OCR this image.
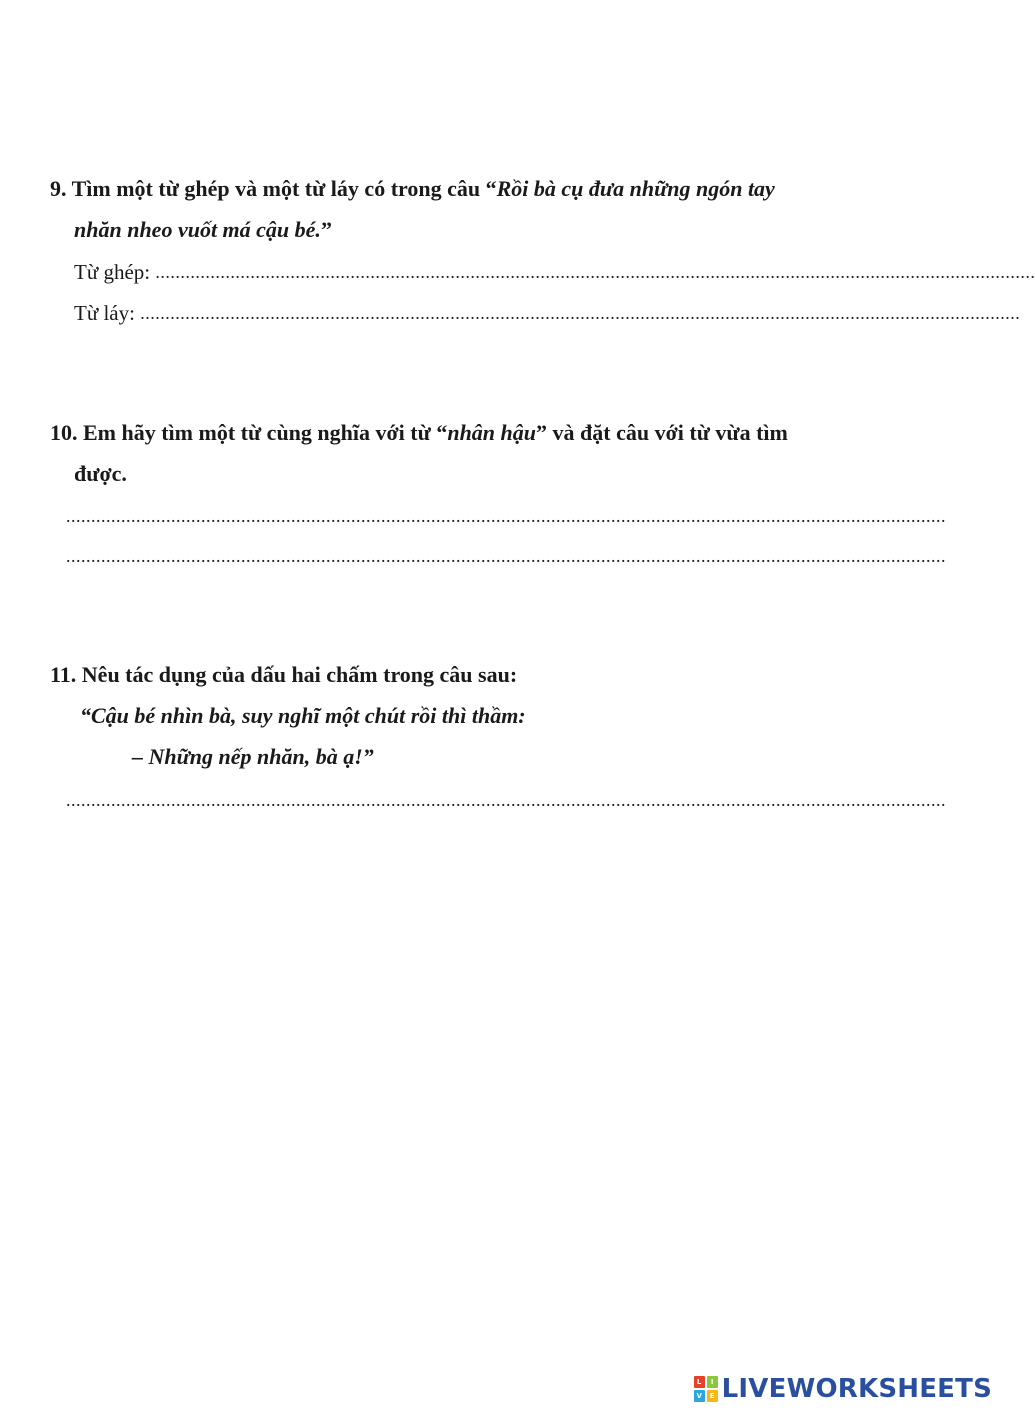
9. Tìm một từ ghép và một từ láy có trong câu “Rồi bà cụ đưa những ngón tay
nhăn nheo vuốt má cậu bé.”
Từ ghép: ................................................................................................................................................................................
Từ láy: ................................................................................................................................................................................
10. Em hãy tìm một từ cùng nghĩa với từ “nhân hậu” và đặt câu với từ vừa tìm
được.
................................................................................................................................................................................
................................................................................................................................................................................
11. Nêu tác dụng của dấu hai chấm trong câu sau:
“Cậu bé nhìn bà, suy nghĩ một chút rồi thì thầm:
– Những nếp nhăn, bà ạ!”
................................................................................................................................................................................
L	I
V	E LIVEWORKSHEETS
